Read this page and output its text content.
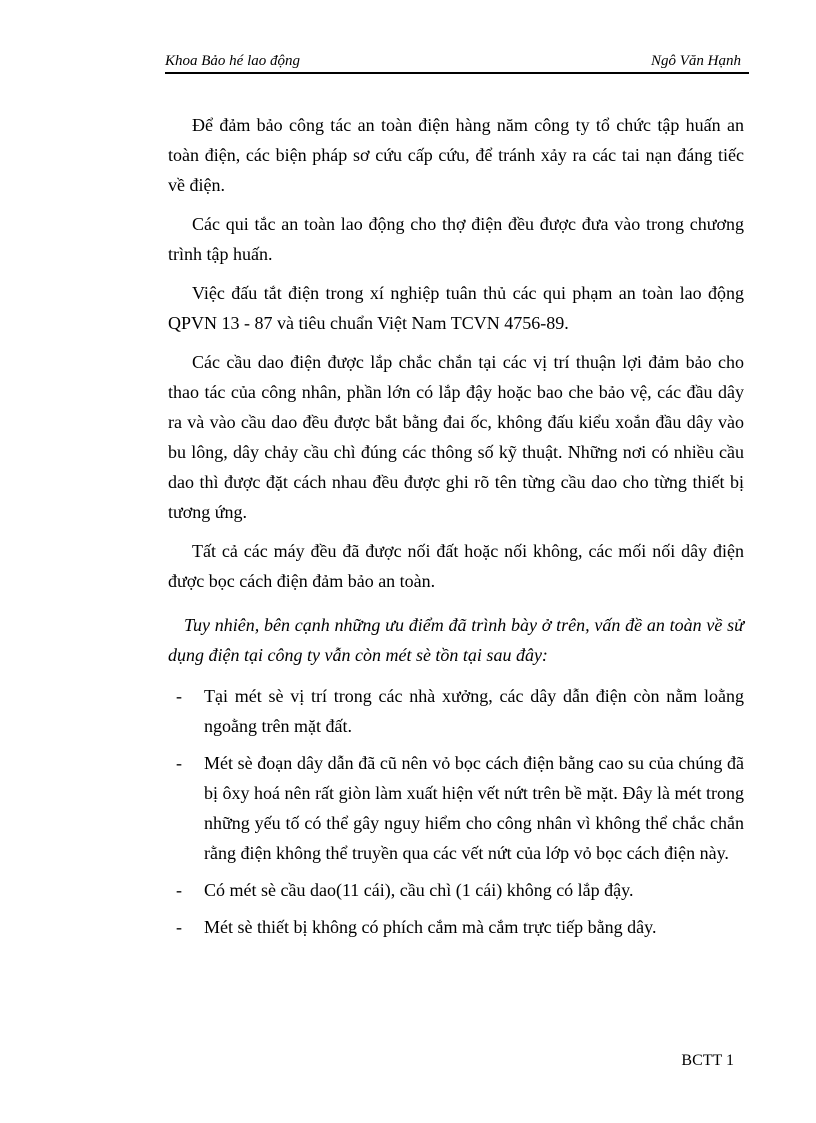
Khoa Bảo hé lao động	Ngô Văn Hạnh

Để đảm bảo công tác an toàn điện hàng năm công ty tổ chức tập huấn an toàn điện, các biện pháp sơ cứu cấp cứu, để tránh xảy ra các tai nạn đáng tiếc về điện.

Các qui tắc an toàn lao động cho thợ điện đều được đưa vào trong chương trình tập huấn.

Việc đấu tắt điện trong xí nghiệp tuân thủ các qui phạm an toàn lao động QPVN 13 - 87 và tiêu chuẩn Việt Nam TCVN 4756-89.

Các cầu dao điện được lắp chắc chắn tại các vị trí thuận lợi đảm bảo cho thao tác của công nhân, phần lớn có lắp đậy hoặc bao che bảo vệ, các đầu dây ra và vào cầu dao đều được bắt bằng đai ốc, không đấu kiểu xoắn đầu dây vào bu lông, dây chảy cầu chì đúng các thông số kỹ thuật. Những nơi có nhiều cầu dao thì được đặt cách nhau đều được ghi rõ tên từng cầu dao cho từng thiết bị tương ứng.

Tất cả các máy đều đã được nối đất hoặc nối không, các mối nối dây điện được bọc cách điện đảm bảo an toàn.

Tuy nhiên, bên cạnh những ưu điểm đã trình bày ở trên, vấn đề an toàn về sử dụng điện tại công ty vẫn còn mét sè tồn tại sau đây:

- Tại mét sè vị trí trong các nhà xưởng, các dây dẫn điện còn nằm loằng ngoằng trên mặt đất.
- Mét sè đoạn dây dẫn đã cũ nên vỏ bọc cách điện bằng cao su của chúng đã bị ôxy hoá nên rất giòn làm xuất hiện vết nứt trên bề mặt. Đây là mét trong những yếu tố có thể gây nguy hiểm cho công nhân vì không thể chắc chắn rằng điện không thể truyền qua các vết nứt của lớp vỏ bọc cách điện này.
- Có mét sè cầu dao(11 cái), cầu chì (1 cái) không có lắp đậy.
- Mét sè thiết bị không có phích cắm mà cắm trực tiếp bằng dây.
BCTT 1
